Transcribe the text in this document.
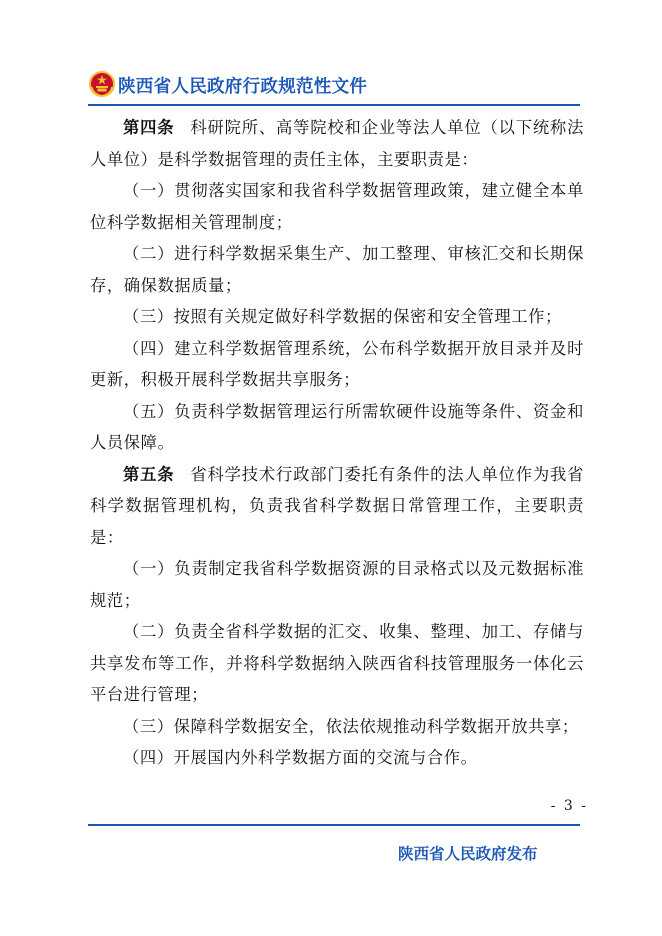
陕西省人民政府行政规范性文件

第四条 科研院所、高等院校和企业等法人单位（以下统称法人单位）是科学数据管理的责任主体，主要职责是：

（一）贯彻落实国家和我省科学数据管理政策，建立健全本单位科学数据相关管理制度；

（二）进行科学数据采集生产、加工整理、审核汇交和长期保存，确保数据质量；

（三）按照有关规定做好科学数据的保密和安全管理工作；

（四）建立科学数据管理系统，公布科学数据开放目录并及时更新，积极开展科学数据共享服务；

（五）负责科学数据管理运行所需软硬件设施等条件、资金和人员保障。

第五条 省科学技术行政部门委托有条件的法人单位作为我省科学数据管理机构，负责我省科学数据日常管理工作，主要职责是：

（一）负责制定我省科学数据资源的目录格式以及元数据标准规范；

（二）负责全省科学数据的汇交、收集、整理、加工、存储与共享发布等工作，并将科学数据纳入陕西省科技管理服务一体化云平台进行管理；

（三）保障科学数据安全，依法依规推动科学数据开放共享；

（四）开展国内外科学数据方面的交流与合作。

- 3 -
陕西省人民政府发布
